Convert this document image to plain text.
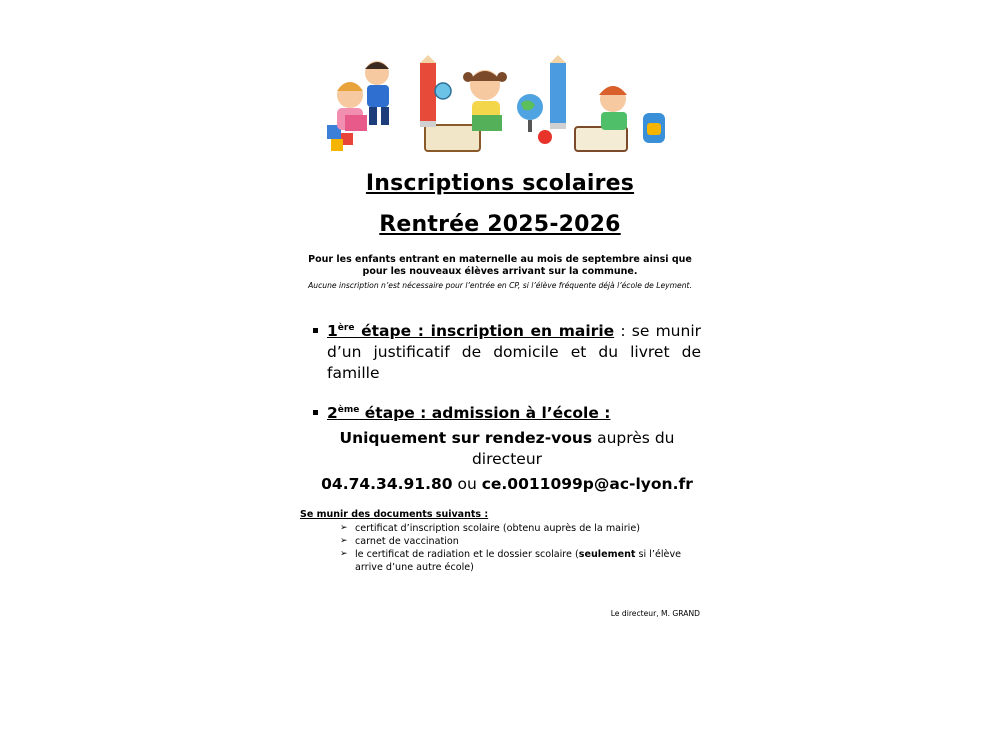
Inscriptions scolaires
Rentrée 2025-2026
Pour les enfants entrant en maternelle au mois de septembre ainsi que pour les nouveaux élèves arrivant sur la commune.
Aucune inscription n’est nécessaire pour l’entrée en CP, si l’élève fréquente déjà l’école de Leyment.
1ère étape : inscription en mairie : se munir d’un justificatif de domicile et du livret de famille
2ème étape : admission à l’école :
Uniquement sur rendez-vous auprès du directeur
04.74.34.91.80 ou ce.0011099p@ac-lyon.fr
Se munir des documents suivants :
➢ certificat d’inscription scolaire (obtenu auprès de la mairie)
➢ carnet de vaccination
➢ le certificat de radiation et le dossier scolaire (seulement si l’élève arrive d’une autre école)
Le directeur, M. GRAND
